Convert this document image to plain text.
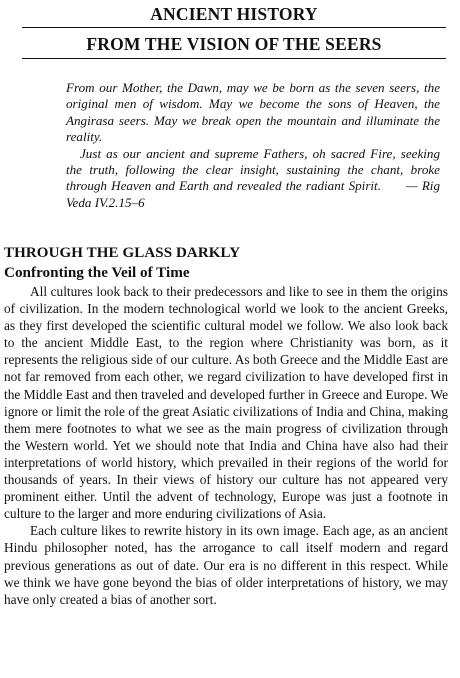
ANCIENT HISTORY
FROM THE VISION OF THE SEERS

From our Mother, the Dawn, may we be born as the seven seers, the original men of wisdom. May we become the sons of Heaven, the Angirasa seers. May we break open the mountain and illuminate the reality.

Just as our ancient and supreme Fathers, oh sacred Fire, seeking the truth, following the clear insight, sustaining the chant, broke through Heaven and Earth and revealed the radiant Spirit. — Rig Veda IV.2.15–6

THROUGH THE GLASS DARKLY
Confronting the Veil of Time

All cultures look back to their predecessors and like to see in them the origins of civilization. In the modern technological world we look to the ancient Greeks, as they first developed the scientific cultural model we follow. We also look back to the ancient Middle East, to the region where Christianity was born, as it represents the religious side of our culture. As both Greece and the Middle East are not far removed from each other, we regard civilization to have developed first in the Middle East and then traveled and developed further in Greece and Europe. We ignore or limit the role of the great Asiatic civilizations of India and China, making them mere footnotes to what we see as the main progress of civilization through the Western world. Yet we should note that India and China have also had their interpretations of world history, which prevailed in their regions of the world for thousands of years. In their views of history our culture has not appeared very prominent either. Until the advent of technology, Europe was just a footnote in culture to the larger and more enduring civilizations of Asia.

Each culture likes to rewrite history in its own image. Each age, as an ancient Hindu philosopher noted, has the arrogance to call itself modern and regard previous generations as out of date. Our era is no different in this respect. While we think we have gone beyond the bias of older interpretations of history, we may have only created a bias of another sort.
